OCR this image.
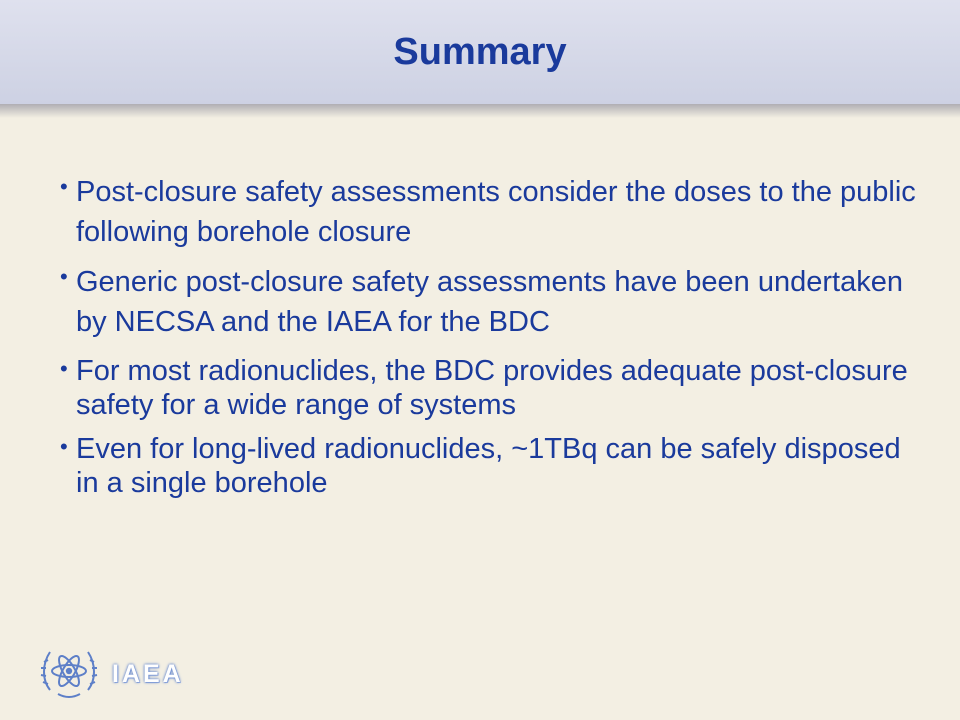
Summary
• Post-closure safety assessments consider the doses to the public following borehole closure
• Generic post-closure safety assessments have been undertaken by NECSA and the IAEA for the BDC
• For most radionuclides, the BDC provides adequate post-closure safety for a wide range of systems
• Even for long-lived radionuclides, ~1TBq can be safely disposed in a single borehole
IAEA
